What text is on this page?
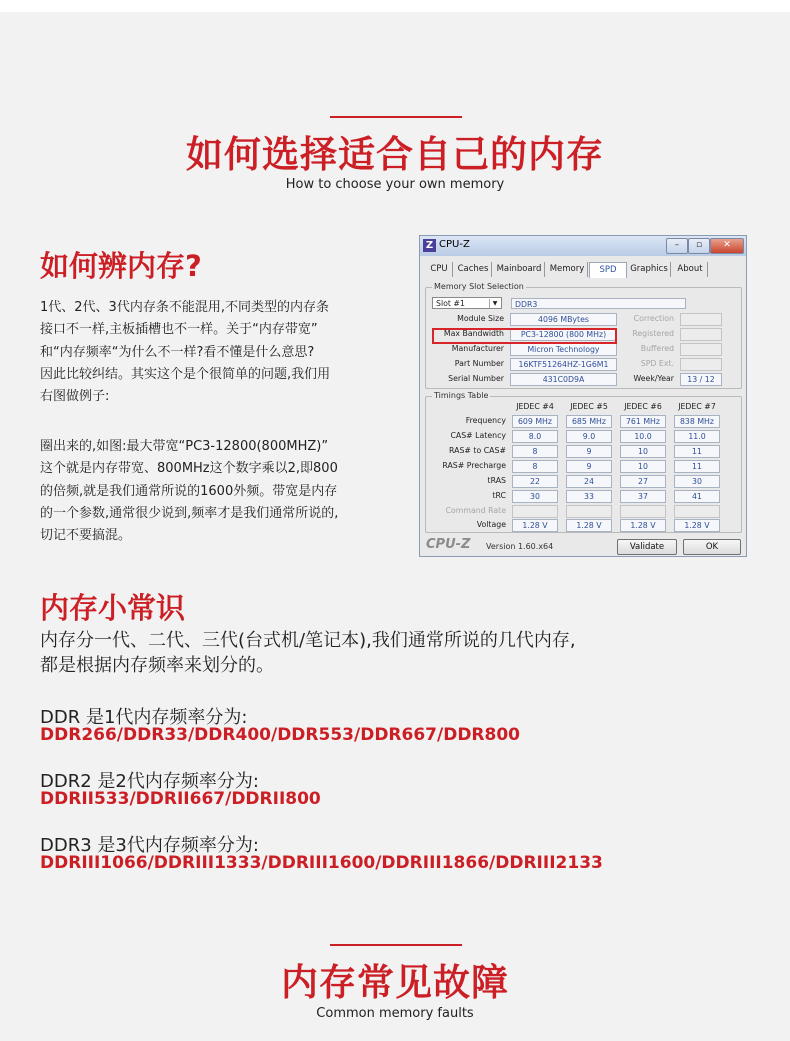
如何选择适合自己的内存
How to choose your own memory
如何辨内存?
1代、2代、3代内存条不能混用,不同类型的内存条
接口不一样,主板插槽也不一样。关于“内存带宽”
和“内存频率“为什么不一样?看不懂是什么意思?
因此比较纠结。其实这个是个很简单的问题,我们用
右图做例子:
圈出来的,如图:最大带宽“PC3-12800(800MHZ)”
这个就是内存带宽、800MHz这个数字乘以2,即800
的倍频,就是我们通常所说的1600外频。带宽是内存
的一个参数,通常很少说到,频率才是我们通常所说的,
切记不要搞混。
Z CPU-Z	–	▫	✕
CPU	Caches Mainboard Memory	SPD	Graphics	About
Memory Slot Selection
Slot #1	▼	DDR3
Module Size	4096 MBytes	Correction
Max Bandwidth	PC3-12800 (800 MHz)	Registered
Manufacturer	Micron Technology	Buffered
Part Number	16KTF51264HZ-1G6M1	SPD Ext.
Serial Number	431C0D9A	Week/Year	13 / 12
Timings Table
JEDEC #4	JEDEC #5	JEDEC #6	JEDEC #7
Frequency	609 MHz	685 MHz	761 MHz	838 MHz
CAS# Latency	8.0	9.0	10.0	11.0
RAS# to CAS#	8	9	10	11
RAS# Precharge	8	9	10	11
tRAS	22	24	27	30
tRC	30	33	37	41
Command Rate
Voltage	1.28 V	1.28 V	1.28 V	1.28 V
CPU-Z Version 1.60.x64	Validate	OK
内存小常识
内存分一代、二代、三代(台式机/笔记本),我们通常所说的几代内存,
都是根据内存频率来划分的。
DDR 是1代内存频率分为:
DDR266/DDR33/DDR400/DDR553/DDR667/DDR800
DDR2 是2代内存频率分为:
DDRII533/DDRII667/DDRII800
DDR3 是3代内存频率分为:
DDRIII1066/DDRIII1333/DDRIII1600/DDRIII1866/DDRIII2133
内存常见故障
Common memory faults
